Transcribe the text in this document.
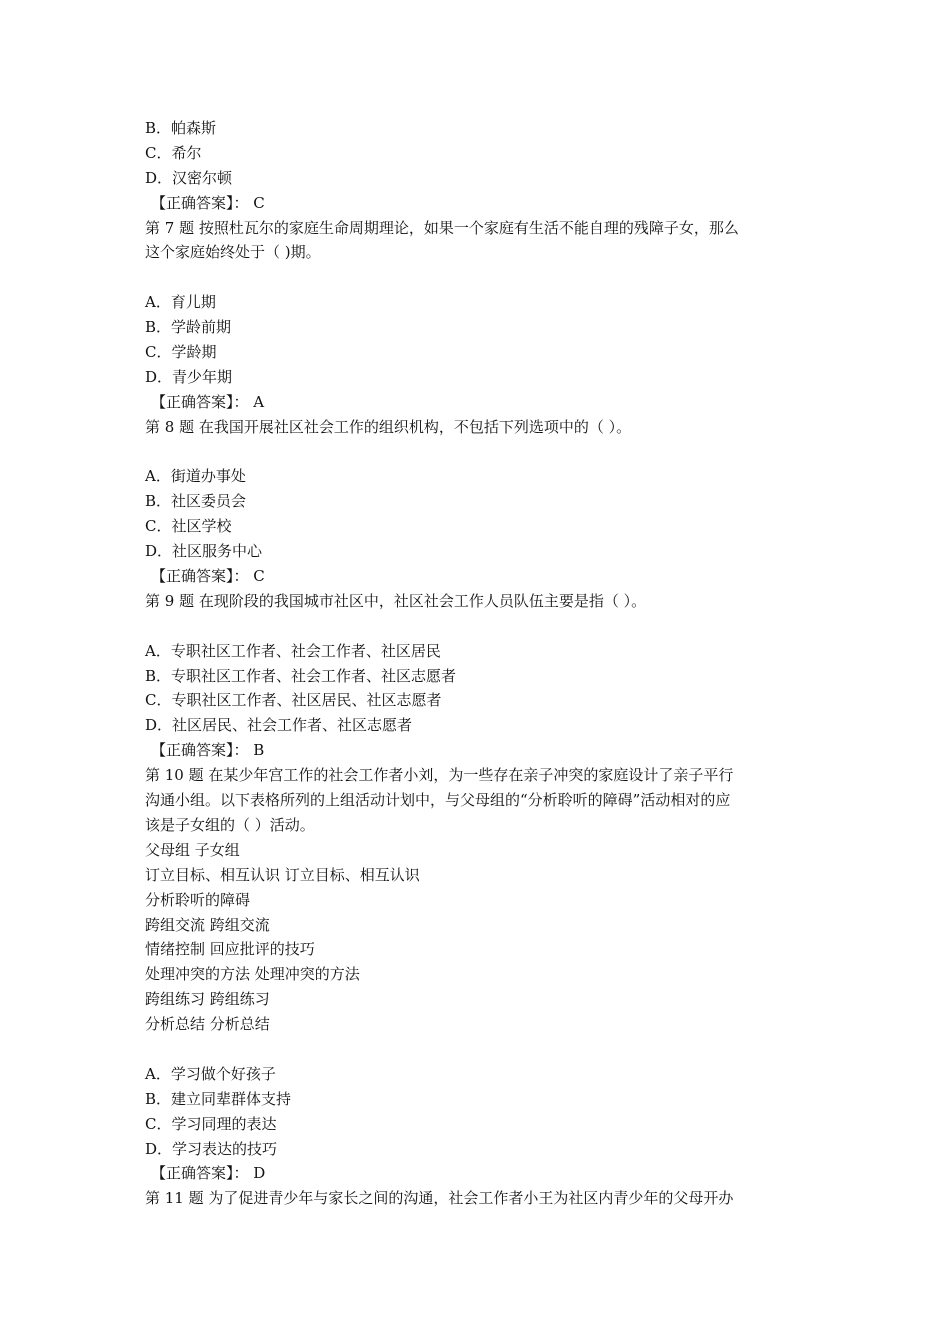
B．帕森斯
C．希尔
D．汉密尔顿
【正确答案】： C
第 7 题 按照杜瓦尔的家庭生命周期理论，如果一个家庭有生活不能自理的残障子女，那么
这个家庭始终处于（ )期。
A．育儿期
B．学龄前期
C．学龄期
D．青少年期
【正确答案】： A
第 8 题 在我国开展社区社会工作的组织机构，不包括下列选项中的（ ）。
A．街道办事处
B．社区委员会
C．社区学校
D．社区服务中心
【正确答案】： C
第 9 题 在现阶段的我国城市社区中，社区社会工作人员队伍主要是指（ ）。
A．专职社区工作者、社会工作者、社区居民
B．专职社区工作者、社会工作者、社区志愿者
C．专职社区工作者、社区居民、社区志愿者
D．社区居民、社会工作者、社区志愿者
【正确答案】： B
第 10 题 在某少年宫工作的社会工作者小刘，为一些存在亲子冲突的家庭设计了亲子平行
沟通小组。以下表格所列的上组活动计划中，与父母组的“分析聆听的障碍”活动相对的应
该是子女组的（ ）活动。
父母组 子女组
订立目标、相互认识 订立目标、相互认识
分析聆听的障碍
跨组交流 跨组交流
情绪控制 回应批评的技巧
处理冲突的方法 处理冲突的方法
跨组练习 跨组练习
分析总结 分析总结
A．学习做个好孩子
B．建立同辈群体支持
C．学习同理的表达
D．学习表达的技巧
【正确答案】： D
第 11 题 为了促进青少年与家长之间的沟通，社会工作者小王为社区内青少年的父母开办
